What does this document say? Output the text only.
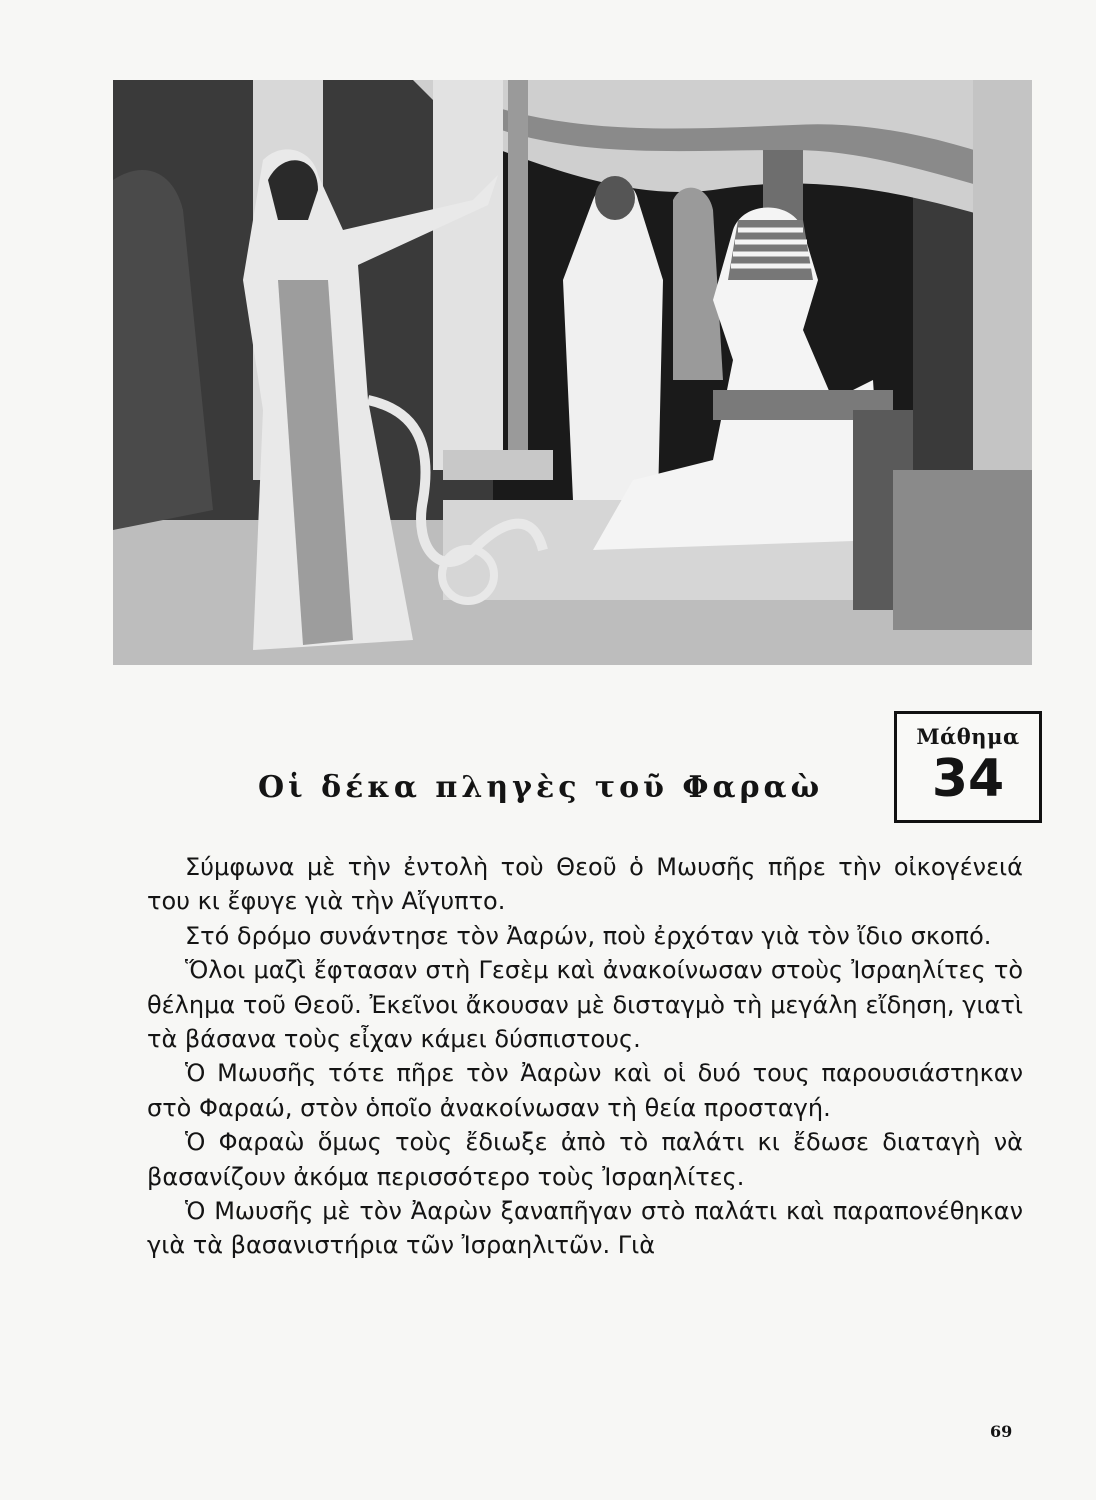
Οἱ δέκα πληγὲς τοῦ Φαραὼ
Μάθημα
34

Σύμφωνα μὲ τὴν ἐντολὴ τοὺ Θεοῦ ὁ Μωυσῆς πῆρε τὴν οἰκογένειά του κι ἔφυγε γιὰ τὴν Αἴγυπτο.

Στό δρόμο συνάντησε τὸν Ἀαρών, ποὺ ἐρχόταν γιὰ τὸν ἴδιο σκοπό.

Ὅλοι μαζὶ ἔφτασαν στὴ Γεσὲμ καὶ ἀνακοίνωσαν στοὺς Ἰσραηλίτες τὸ θέλημα τοῦ Θεοῦ. Ἐκεῖνοι ἄκουσαν μὲ δισταγμὸ τὴ μεγάλη εἴδηση, γιατὶ τὰ βάσανα τοὺς εἶχαν κάμει δύσπιστους.

Ὁ Μωυσῆς τότε πῆρε τὸν Ἀαρὼν καὶ οἱ δυό τους παρουσιάστηκαν στὸ Φαραώ, στὸν ὁποῖο ἀνακοίνωσαν τὴ θεία προσταγή.

Ὁ Φαραὼ ὅμως τοὺς ἔδιωξε ἀπὸ τὸ παλάτι κι ἔδωσε διαταγὴ νὰ βασανίζουν ἀκόμα περισσότερο τοὺς Ἰσραηλίτες.

Ὁ Μωυσῆς μὲ τὸν Ἀαρὼν ξαναπῆγαν στὸ παλάτι καὶ παραπονέθηκαν γιὰ τὰ βασανιστήρια τῶν Ἰσραηλιτῶν. Γιὰ

69
